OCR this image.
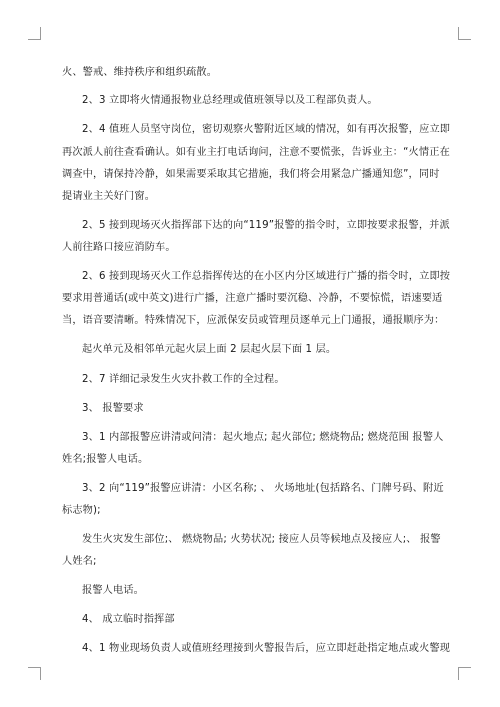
火、警戒、维持秩序和组织疏散。
2、3 立即将火情通报物业总经理或值班领导以及工程部负责人。
2、4 值班人员坚守岗位，密切观察火警附近区域的情况，如有再次报警，应立即
再次派人前往查看确认。如有业主打电话询问，注意不要慌张，告诉业主：“火情正在
调查中，请保持冷静，如果需要采取其它措施，我们将会用紧急广播通知您”，同时
提请业主关好门窗。
2、5 接到现场灭火指挥部下达的向“119”报警的指令时，立即按要求报警，并派
人前往路口接应消防车。
2、6 接到现场灭火工作总指挥传达的在小区内分区域进行广播的指令时，立即按
要求用普通话(或中英文)进行广播，注意广播时要沉稳、冷静，不要惊慌，语速要适
当，语音要清晰。特殊情况下，应派保安员或管理员逐单元上门通报，通报顺序为：
起火单元及相邻单元起火层上面 2 层起火层下面 1 层。
2、7 详细记录发生火灾扑救工作的全过程。
3、 报警要求
3、1 内部报警应讲清或问清：起火地点; 起火部位; 燃烧物品; 燃烧范围 报警人
姓名;报警人电话。
3、2 向“119”报警应讲清：小区名称; 、 火场地址(包括路名、门牌号码、附近
标志物);
发生火灾发生部位;、 燃烧物品; 火势状况; 接应人员等候地点及接应人;、 报警
人姓名;
报警人电话。
4、 成立临时指挥部
4、1 物业现场负责人或值班经理接到火警报告后，应立即赶赴指定地点或火警现
